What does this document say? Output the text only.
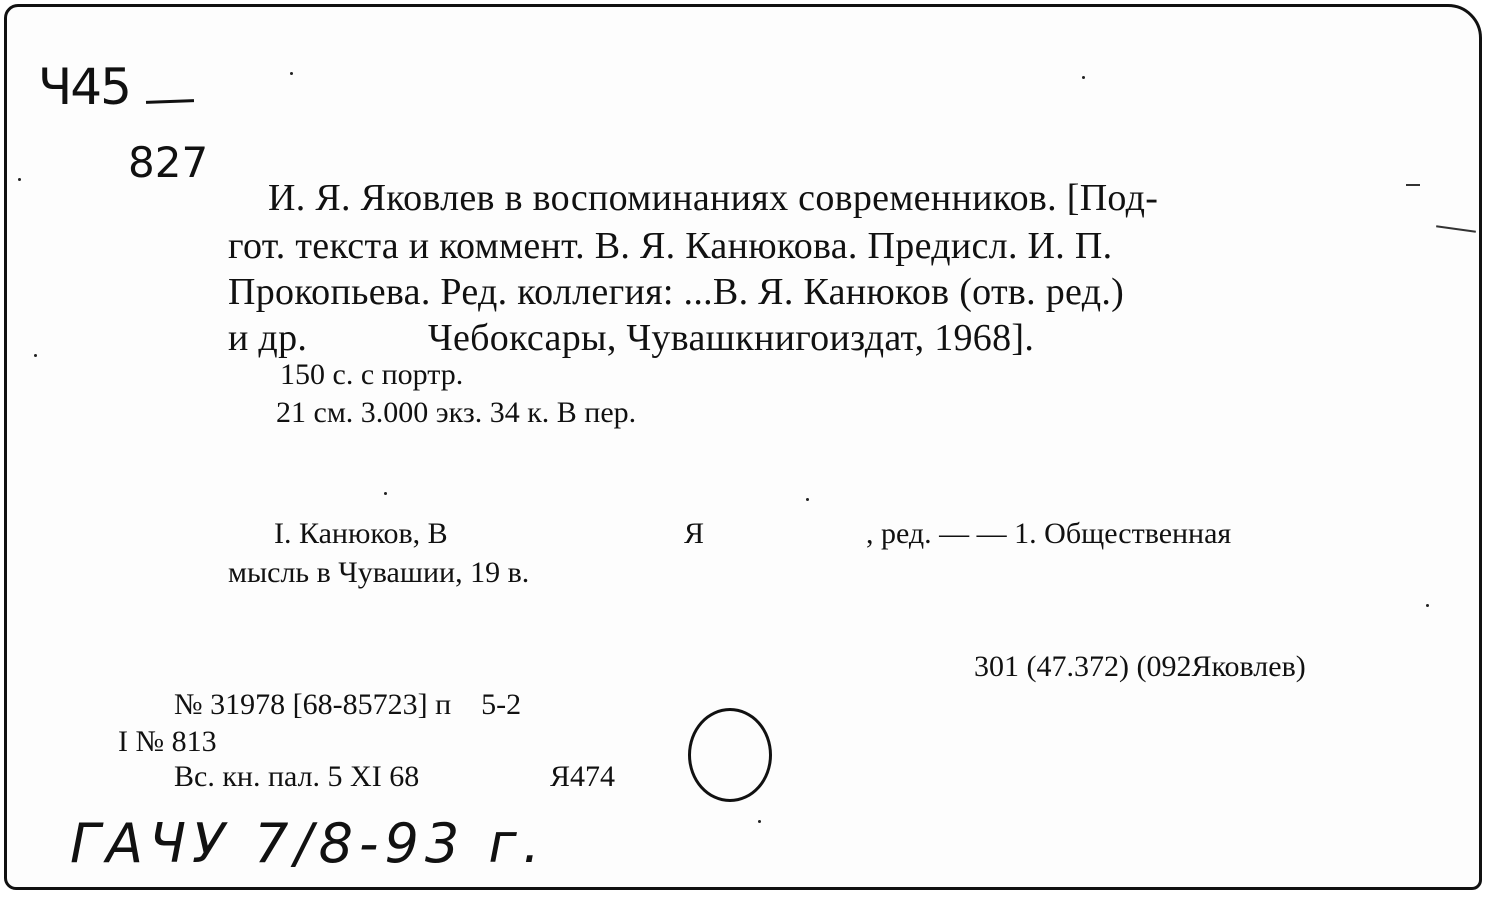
Ч45
827
И. Я. Яковлев в воспоминаниях современников. [Под-
гот. текста и коммент. В. Я. Канюкова. Предисл. И. П.
Прокопьева. Ред. коллегия: ...В. Я. Канюков (отв. ред.)
и др.	Чебоксары, Чувашкнигоиздат, 1968].
150 с. с портр.
21 см. 3.000 экз. 34 к. В пер.
I. Канюков, В	Я	, ред. — — 1. Общественная
мысль в Чувашии, 19 в.
301 (47.372) (092Яковлев)
№ 31978 [68-85723] п    5-2
I № 813
Вс. кн. пал. 5 XI 68	Я474
ГАЧУ 7/8-93 г.
